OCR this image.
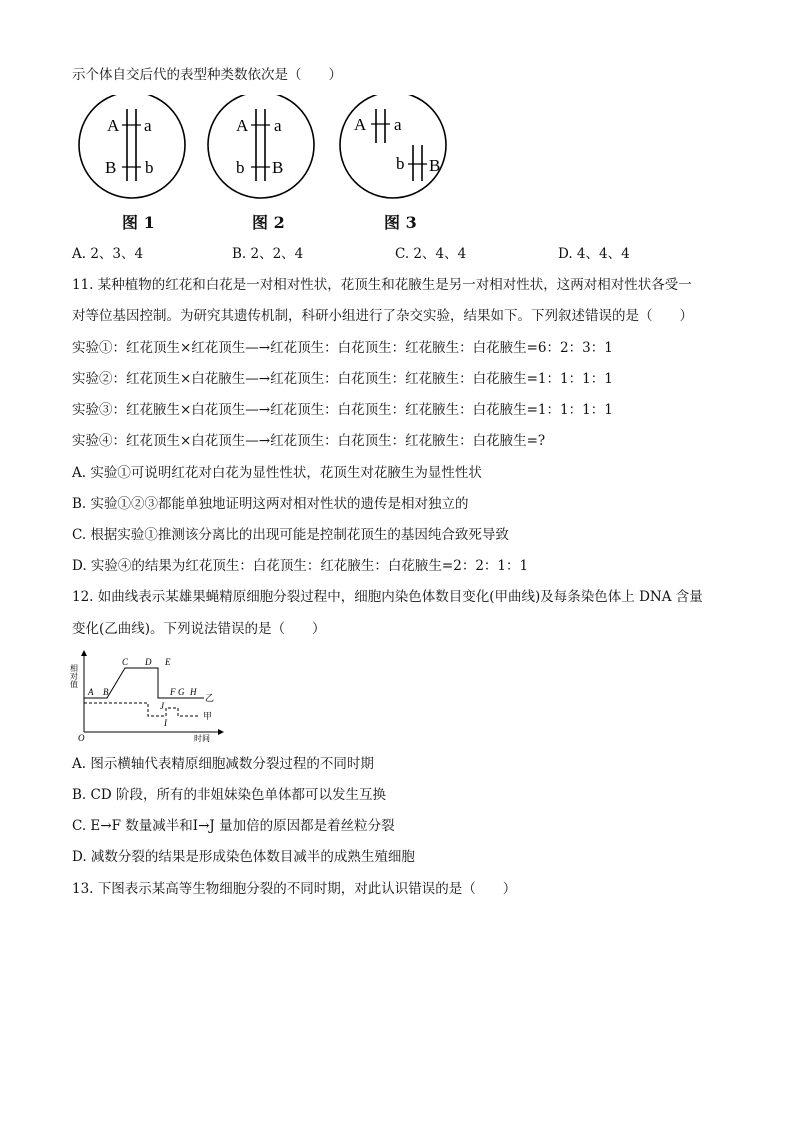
示个体自交后代的表型种类数依次是（　　）
A a
B b
A a
b B
A a
b B
图 1	图 2	图 3
A. 2、3、4	B. 2、2、4	C. 2、4、4	D. 4、4、4
11. 某种植物的红花和白花是一对相对性状，花顶生和花腋生是另一对相对性状，这两对相对性状各受一
对等位基因控制。为研究其遗传机制，科研小组进行了杂交实验，结果如下。下列叙述错误的是（　　）
实验①：红花顶生×红花顶生—→红花顶生：白花顶生：红花腋生：白花腋生=6：2：3：1
实验②：红花顶生×白花腋生—→红花顶生：白花顶生：红花腋生：白花腋生=1：1：1：1
实验③：红花腋生×白花顶生—→红花顶生：白花顶生：红花腋生：白花腋生=1：1：1：1
实验④：红花顶生×白花顶生—→红花顶生：白花顶生：红花腋生：白花腋生=?
A. 实验①可说明红花对白花为显性性状，花顶生对花腋生为显性性状
B. 实验①②③都能单独地证明这两对相对性状的遗传是相对独立的
C. 根据实验①推测该分离比的出现可能是控制花顶生的基因纯合致死导致
D. 实验④的结果为红花顶生：白花顶生：红花腋生：白花腋生=2：2：1：1
12. 如曲线表示某雄果蝇精原细胞分裂过程中，细胞内染色体数目变化(甲曲线)及每条染色体上 DNA 含量
变化(乙曲线)。下列说法错误的是（　　）
相对值
O	时间
A B
C D E
F G H
I
J
乙
甲
A. 图示横轴代表精原细胞减数分裂过程的不同时期
B. CD 阶段，所有的非姐妹染色单体都可以发生互换
C. E→F 数量减半和Ⅰ→J 量加倍的原因都是着丝粒分裂
D. 减数分裂的结果是形成染色体数目减半的成熟生殖细胞
13. 下图表示某高等生物细胞分裂的不同时期，对此认识错误的是（　　）
